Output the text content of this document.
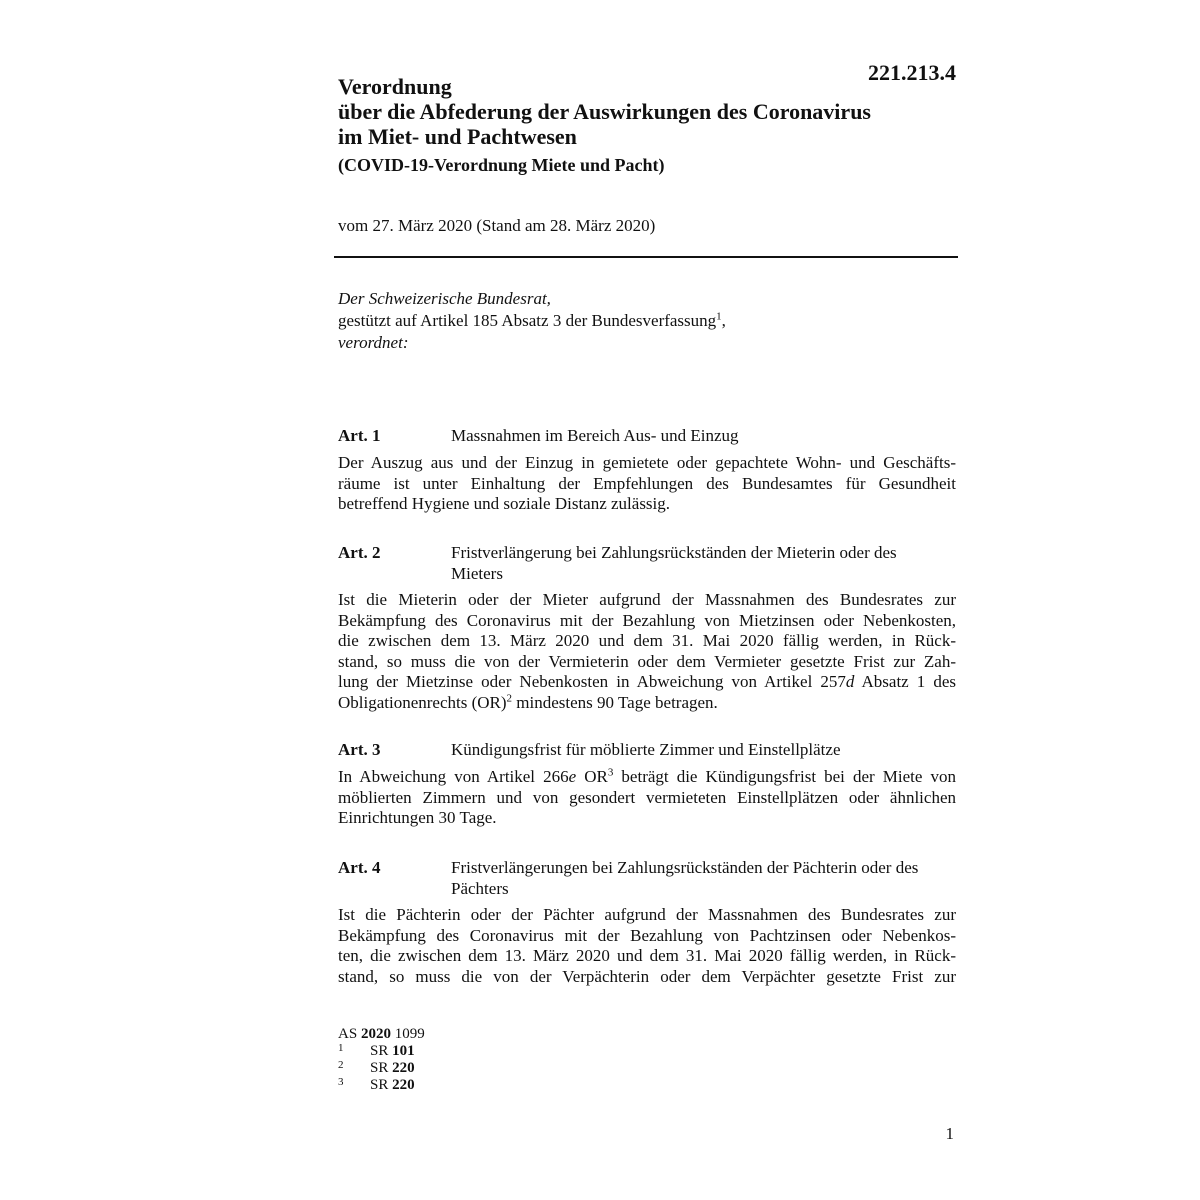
221.213.4
Verordnung
über die Abfederung der Auswirkungen des Coronavirus
im Miet- und Pachtwesen
(COVID-19-Verordnung Miete und Pacht)
vom 27. März 2020 (Stand am 28. März 2020)
Der Schweizerische Bundesrat,
gestützt auf Artikel 185 Absatz 3 der Bundesverfassung$^1$,
verordnet:
Art. 1	Massnahmen im Bereich Aus- und Einzug
Der Auszug aus und der Einzug in gemietete oder gepachtete Wohn- und Geschäfts-
räume ist unter Einhaltung der Empfehlungen des Bundesamtes für Gesundheit
betreffend Hygiene und soziale Distanz zulässig.
Art. 2	Fristverlängerung bei Zahlungsrückständen der Mieterin oder des Mieters
Ist die Mieterin oder der Mieter aufgrund der Massnahmen des Bundesrates zur
Bekämpfung des Coronavirus mit der Bezahlung von Mietzinsen oder Nebenkosten,
die zwischen dem 13. März 2020 und dem 31. Mai 2020 fällig werden, in Rück-
stand, so muss die von der Vermieterin oder dem Vermieter gesetzte Frist zur Zah-
lung der Mietzinse oder Nebenkosten in Abweichung von Artikel 257d Absatz 1 des
Obligationenrechts (OR)$^2$ mindestens 90 Tage betragen.
Art. 3	Kündigungsfrist für möblierte Zimmer und Einstellplätze
In Abweichung von Artikel 266e $OR^3$ beträgt die Kündigungsfrist bei der Miete von
möblierten Zimmern und von gesondert vermieteten Einstellplätzen oder ähnlichen
Einrichtungen 30 Tage.
Art. 4	Fristverlängerungen bei Zahlungsrückständen der Pächterin oder des Pächters
Ist die Pächterin oder der Pächter aufgrund der Massnahmen des Bundesrates zur
Bekämpfung des Coronavirus mit der Bezahlung von Pachtzinsen oder Nebenkos-
ten, die zwischen dem 13. März 2020 und dem 31. Mai 2020 fällig werden, in Rück-
stand, so muss die von der Verpächterin oder dem Verpächter gesetzte Frist zur
AS 2020 1099
1 SR 101
2 SR 220
3 SR 220
1
